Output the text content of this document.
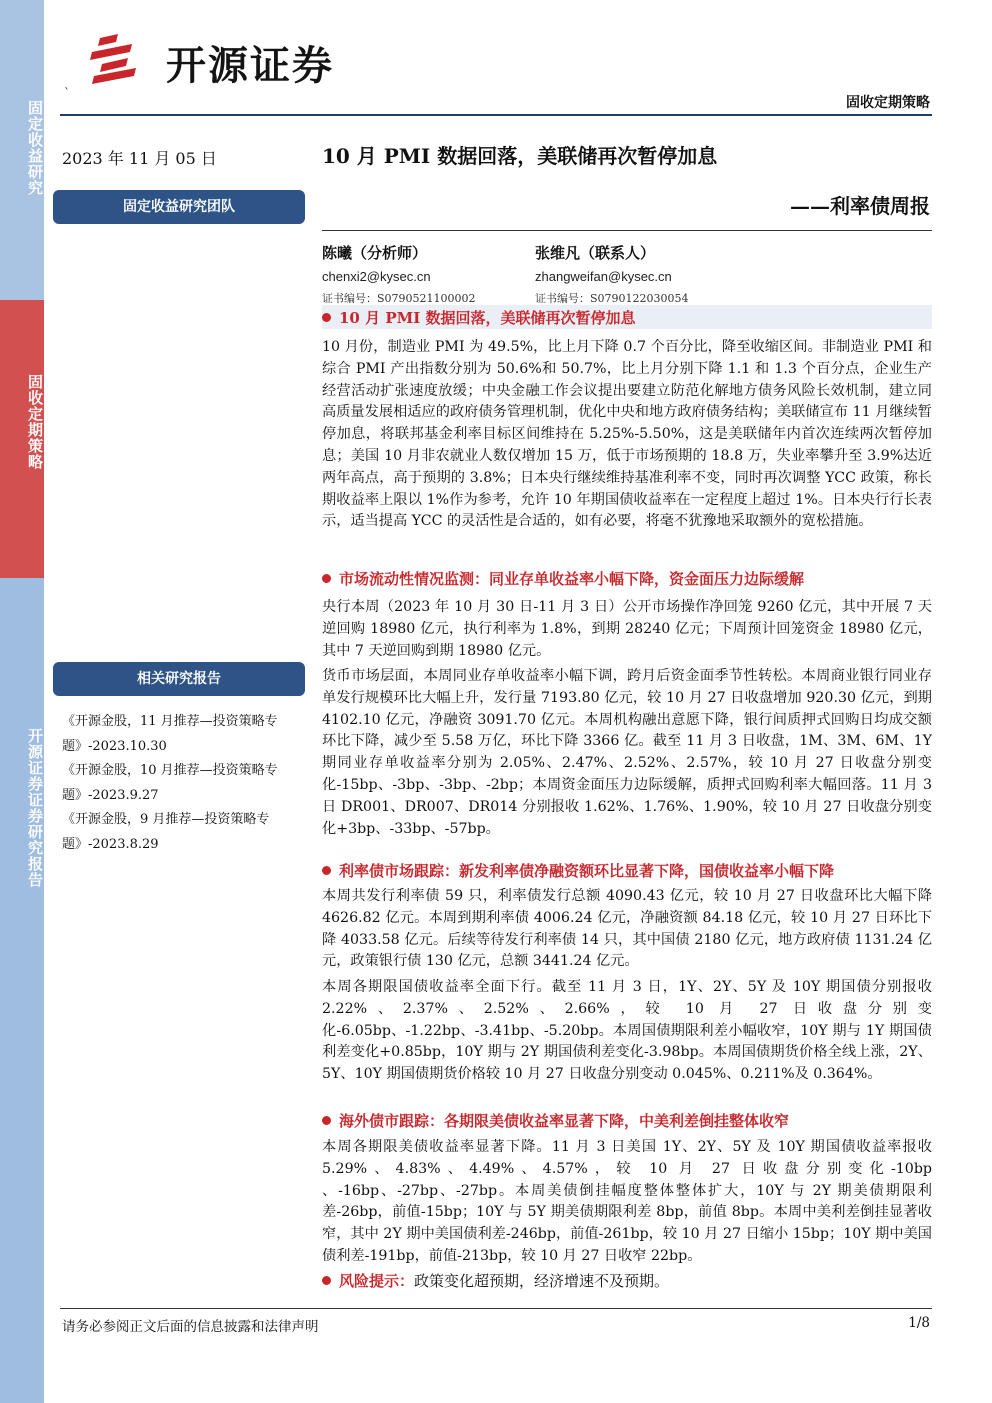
固定收益研究
固收定期策略
开源证券证券研究报告
开源证券
`
固收定期策略
2023 年 11 月 05 日	10 月 PMI 数据回落，美联储再次暂停加息
——利率债周报
固定收益研究团队
陈曦（分析师）
chenxi2@kysec.cn
证书编号：S0790521100002
张维凡（联系人）
zhangweifan@kysec.cn
证书编号：S0790122030054
10 月 PMI 数据回落，美联储再次暂停加息
10 月份，制造业 PMI 为 49.5%，比上月下降 0.7 个百分比，降至收缩区间。非制造业 PMI 和综合 PMI 产出指数分别为 50.6%和 50.7%，比上月分别下降 1.1 和 1.3 个百分点，企业生产经营活动扩张速度放缓；中央金融工作会议提出要建立防范化解地方债务风险长效机制，建立同高质量发展相适应的政府债务管理机制，优化中央和地方政府债务结构；美联储宣布 11 月继续暂停加息，将联邦基金利率目标区间维持在 5.25%-5.50%，这是美联储年内首次连续两次暂停加息；美国 10 月非农就业人数仅增加 15 万，低于市场预期的 18.8 万，失业率攀升至 3.9%达近两年高点，高于预期的 3.8%；日本央行继续维持基准利率不变，同时再次调整 YCC 政策，称长期收益率上限以 1%作为参考，允许 10 年期国债收益率在一定程度上超过 1%。日本央行行长表示，适当提高 YCC 的灵活性是合适的，如有必要，将毫不犹豫地采取额外的宽松措施。
市场流动性情况监测：同业存单收益率小幅下降，资金面压力边际缓解
央行本周（2023 年 10 月 30 日-11 月 3 日）公开市场操作净回笼 9260 亿元，其中开展 7 天逆回购 18980 亿元，执行利率为 1.8%，到期 28240 亿元；下周预计回笼资金 18980 亿元，其中 7 天逆回购到期 18980 亿元。
货币市场层面，本周同业存单收益率小幅下调，跨月后资金面季节性转松。本周商业银行同业存单发行规模环比大幅上升，发行量 7193.80 亿元，较 10 月 27 日收盘增加 920.30 亿元，到期 4102.10 亿元，净融资 3091.70 亿元。本周机构融出意愿下降，银行间质押式回购日均成交额环比下降，减少至 5.58 万亿，环比下降 3366 亿。截至 11 月 3 日收盘，1M、3M、6M、1Y 期同业存单收益率分别为 2.05%、2.47%、2.52%、2.57%，较 10 月 27 日收盘分别变化-15bp、-3bp、-3bp、-2bp；本周资金面压力边际缓解，质押式回购利率大幅回落。11 月 3 日 DR001、DR007、DR014 分别报收 1.62%、1.76%、1.90%，较 10 月 27 日收盘分别变化+3bp、-33bp、-57bp。
利率债市场跟踪：新发利率债净融资额环比显著下降，国债收益率小幅下降
本周共发行利率债 59 只，利率债发行总额 4090.43 亿元，较 10 月 27 日收盘环比大幅下降 4626.82 亿元。本周到期利率债 4006.24 亿元，净融资额 84.18 亿元，较 10 月 27 日环比下降 4033.58 亿元。后续等待发行利率债 14 只，其中国债 2180 亿元，地方政府债 1131.24 亿元，政策银行债 130 亿元，总额 3441.24 亿元。
本周各期限国债收益率全面下行。截至 11 月 3 日，1Y、2Y、5Y 及 10Y 期国债分别报收 2.22%、2.37%、2.52%、2.66%，较 10 月 27 日收盘分别变化-6.05bp、-1.22bp、-3.41bp、-5.20bp。本周国债期限利差小幅收窄，10Y 期与 1Y 期国债利差变化+0.85bp，10Y 期与 2Y 期国债利差变化-3.98bp。本周国债期货价格全线上涨，2Y、5Y、10Y 期国债期货价格较 10 月 27 日收盘分别变动 0.045%、0.211%及 0.364%。
海外债市跟踪：各期限美债收益率显著下降，中美利差倒挂整体收窄
本周各期限美债收益率显著下降。11 月 3 日美国 1Y、2Y、5Y 及 10Y 期国债收益率报收 5.29%、4.83%、4.49%、4.57%，较 10 月 27 日收盘分别变化-10bp 、-16bp、-27bp、-27bp。本周美债倒挂幅度整体整体扩大，10Y 与 2Y 期美债期限利差-26bp，前值-15bp；10Y 与 5Y 期美债期限利差 8bp，前值 8bp。本周中美利差倒挂显著收窄，其中 2Y 期中美国债利差-246bp，前值-261bp，较 10 月 27 日缩小 15bp；10Y 期中美国债利差-191bp，前值-213bp，较 10 月 27 日收窄 22bp。
风险提示：政策变化超预期，经济增速不及预期。
相关研究报告
《开源金股，11 月推荐—投资策略专题》-2023.10.30
《开源金股，10 月推荐—投资策略专题》-2023.9.27
《开源金股，9 月推荐—投资策略专题》-2023.8.29
请务必参阅正文后面的信息披露和法律声明	1/8
